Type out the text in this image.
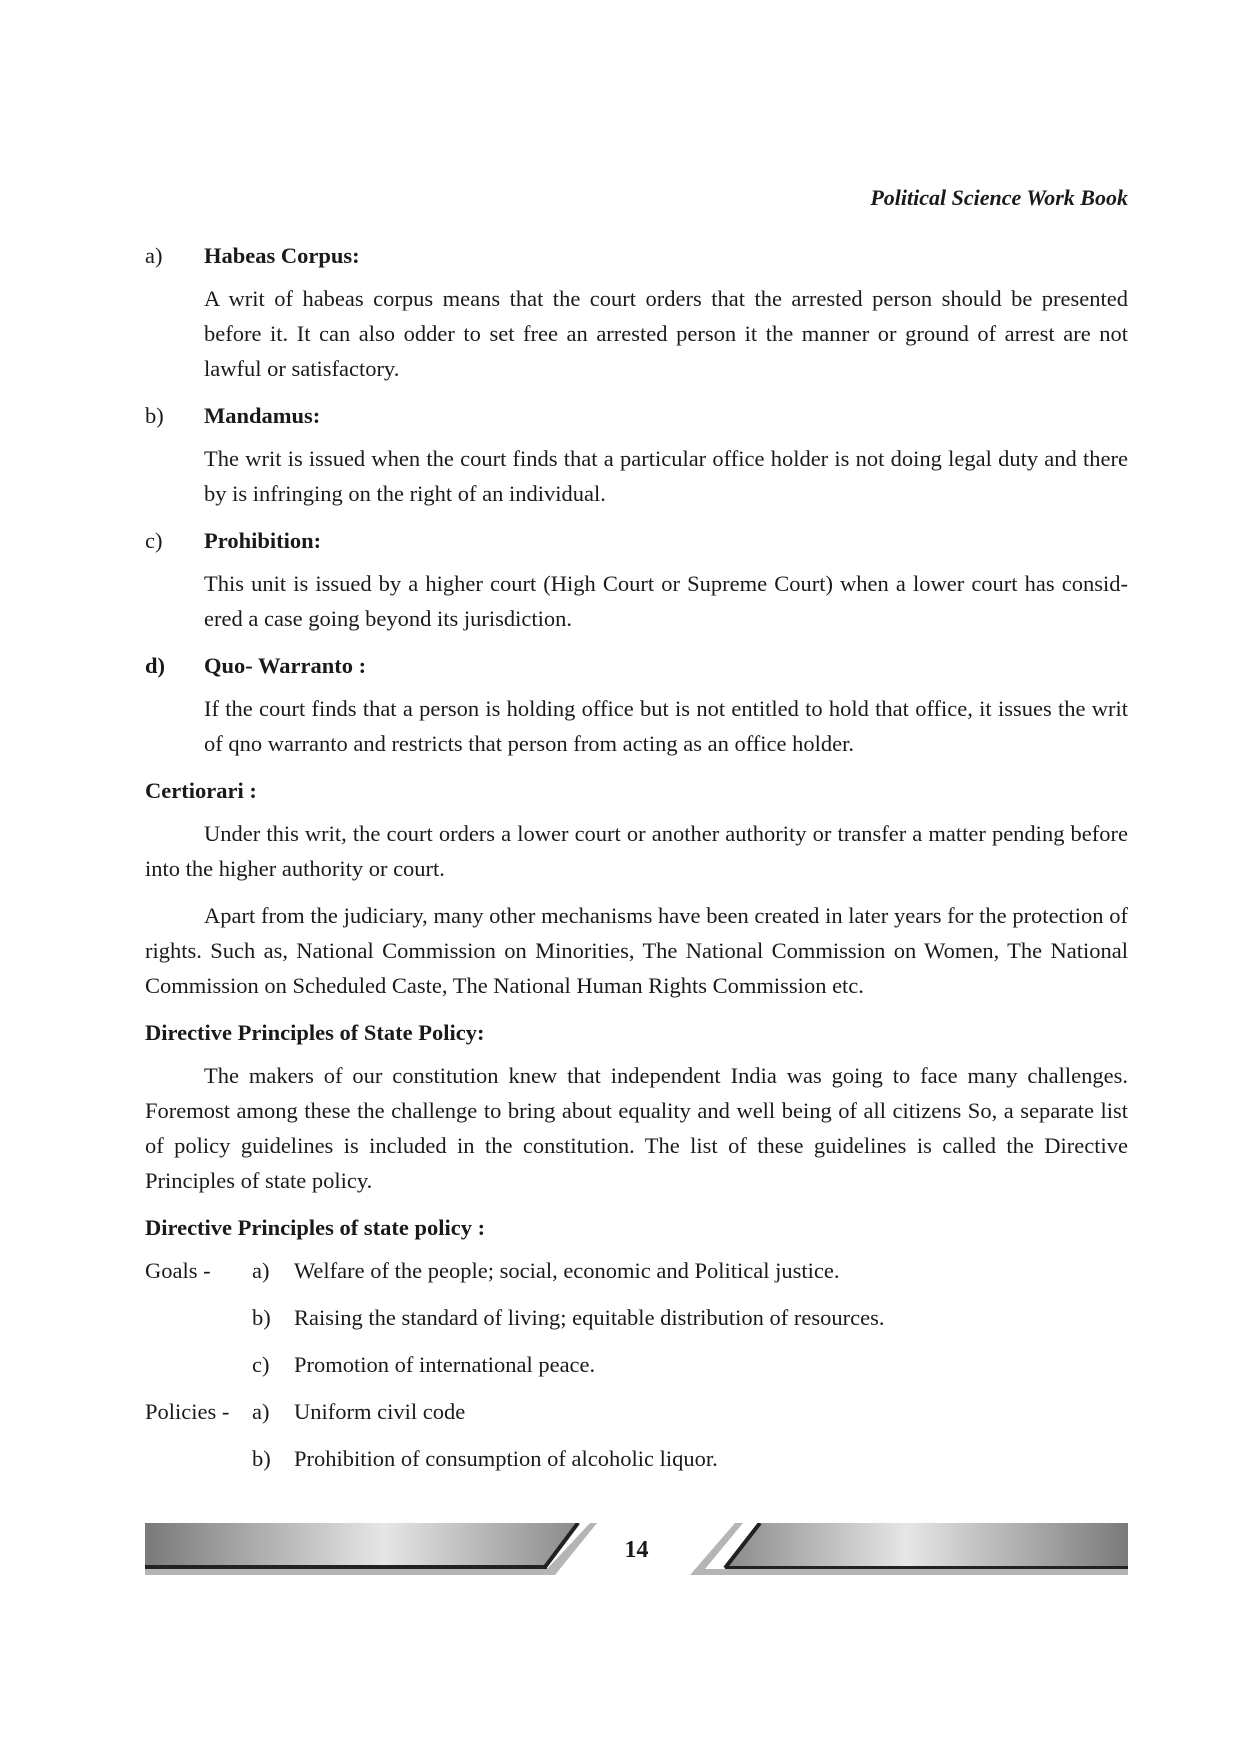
Political Science Work Book
a)	Habeas Corpus:
A writ of habeas corpus means that the court orders that the arrested person should be presented before it. It can also odder to set free an arrested person it the manner or ground of arrest are not lawful or satisfactory.
b)	Mandamus:
The writ is issued when the court finds that a particular office holder is not doing legal duty and there by is infringing on the right of an individual.
c)	Prohibition:
This unit is issued by a higher court (High Court or Supreme Court) when a lower court has consid-ered a case going beyond its jurisdiction.
d)	Quo- Warranto :
If the court finds that a person is holding office but is not entitled to hold that office, it issues the writ of qno warranto and restricts that person from acting as an office holder.
Certiorari :
Under this writ, the court orders a lower court or another authority or transfer a matter pending before into the higher authority or court.
Apart from the judiciary, many other mechanisms have been created in later years for the protection of rights. Such as, National Commission on Minorities, The National Commission on Women, The National Commission on Scheduled Caste, The National Human Rights Commission etc.
Directive Principles of State Policy:
The makers of our constitution knew that independent India was going to face many challenges. Foremost among these the challenge to bring about equality and well being of all citizens So, a separate list of policy guidelines is included in the constitution. The list of these guidelines is called the Directive Principles of state policy.
Directive Principles of state policy :
Goals -	a)	Welfare of the people; social, economic and Political justice.
b)	Raising the standard of living; equitable distribution of resources.
c)	Promotion of international peace.
Policies -	a)	Uniform civil code
b)	Prohibition of consumption of alcoholic liquor.
14
